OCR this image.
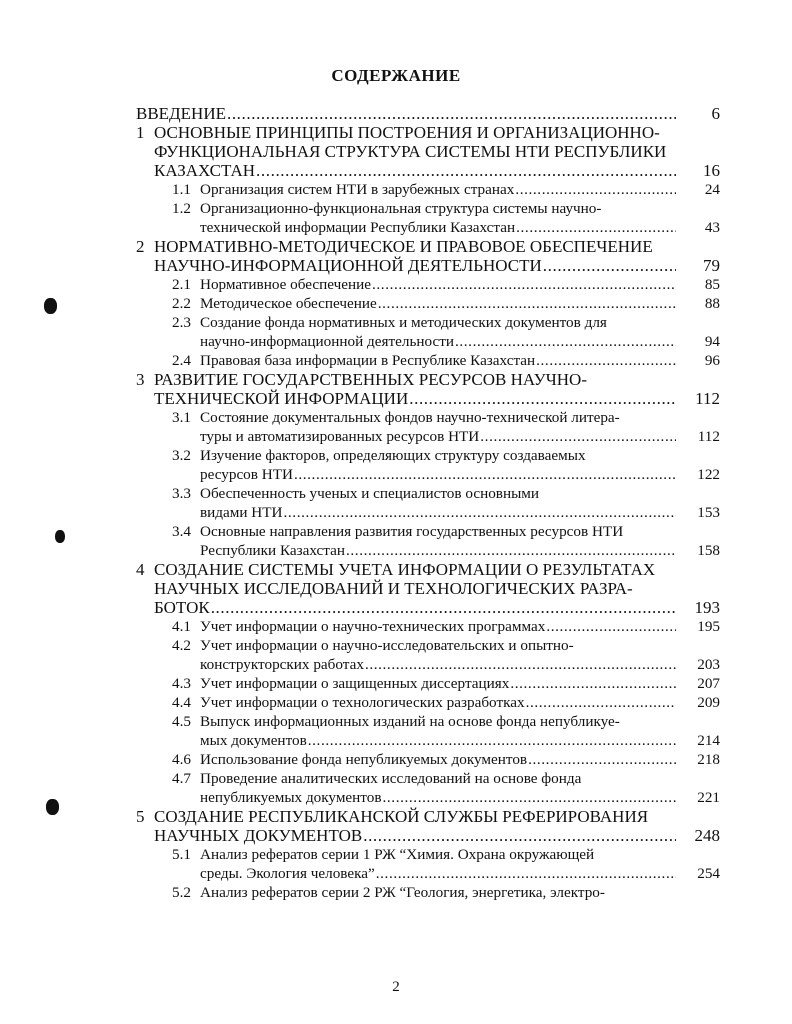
СОДЕРЖАНИЕ
ВВЕДЕНИЕ .....	6
1 ОСНОВНЫЕ ПРИНЦИПЫ ПОСТРОЕНИЯ И ОРГАНИЗАЦИОННО-
ФУНКЦИОНАЛЬНАЯ СТРУКТУРА СИСТЕМЫ НТИ РЕСПУБЛИКИ
КАЗАХСТАН .....	16
1.1 Организация систем НТИ в зарубежных странах .....	24
1.2 Организационно-функциональная структура системы научно-
технической информации Республики Казахстан .....	43
2 НОРМАТИВНО-МЕТОДИЧЕСКОЕ И ПРАВОВОЕ ОБЕСПЕЧЕНИЕ
НАУЧНО-ИНФОРМАЦИОННОЙ ДЕЯТЕЛЬНОСТИ .....	79
2.1 Нормативное обеспечение .....	85
2.2 Методическое обеспечение .....	88
2.3 Создание фонда нормативных и методических документов для
научно-информационной деятельности .....	94
2.4 Правовая база информации в Республике Казахстан .....	96
3 РАЗВИТИЕ ГОСУДАРСТВЕННЫХ РЕСУРСОВ НАУЧНО-
ТЕХНИЧЕСКОЙ ИНФОРМАЦИИ .....	112
3.1 Состояние документальных фондов научно-технической литера-
туры и автоматизированных ресурсов НТИ .....	112
3.2 Изучение факторов, определяющих структуру создаваемых
ресурсов НТИ .....	122
3.3 Обеспеченность ученых и специалистов основными
видами НТИ .....	153
3.4 Основные направления развития государственных ресурсов НТИ
Республики Казахстан .....	158
4 СОЗДАНИЕ СИСТЕМЫ УЧЕТА ИНФОРМАЦИИ О РЕЗУЛЬТАТАХ
НАУЧНЫХ ИССЛЕДОВАНИЙ И ТЕХНОЛОГИЧЕСКИХ РАЗРА-
БОТОК .....	193
4.1 Учет информации о научно-технических программах .....	195
4.2 Учет информации о научно-исследовательских и опытно-
конструкторских работах .....	203
4.3 Учет информации о защищенных диссертациях .....	207
4.4 Учет информации о технологических разработках .....	209
4.5 Выпуск информационных изданий на основе фонда непубликуе-
мых документов .....	214
4.6 Использование фонда непубликуемых документов .....	218
4.7 Проведение аналитических исследований на основе фонда
непубликуемых документов .....	221
5 СОЗДАНИЕ РЕСПУБЛИКАНСКОЙ СЛУЖБЫ РЕФЕРИРОВАНИЯ
НАУЧНЫХ ДОКУМЕНТОВ .....	248
5.1 Анализ рефератов серии 1 РЖ “Химия. Охрана окружающей
среды. Экология человека” .....	254
5.2 Анализ рефератов серии 2 РЖ “Геология, энергетика, электро-
2
